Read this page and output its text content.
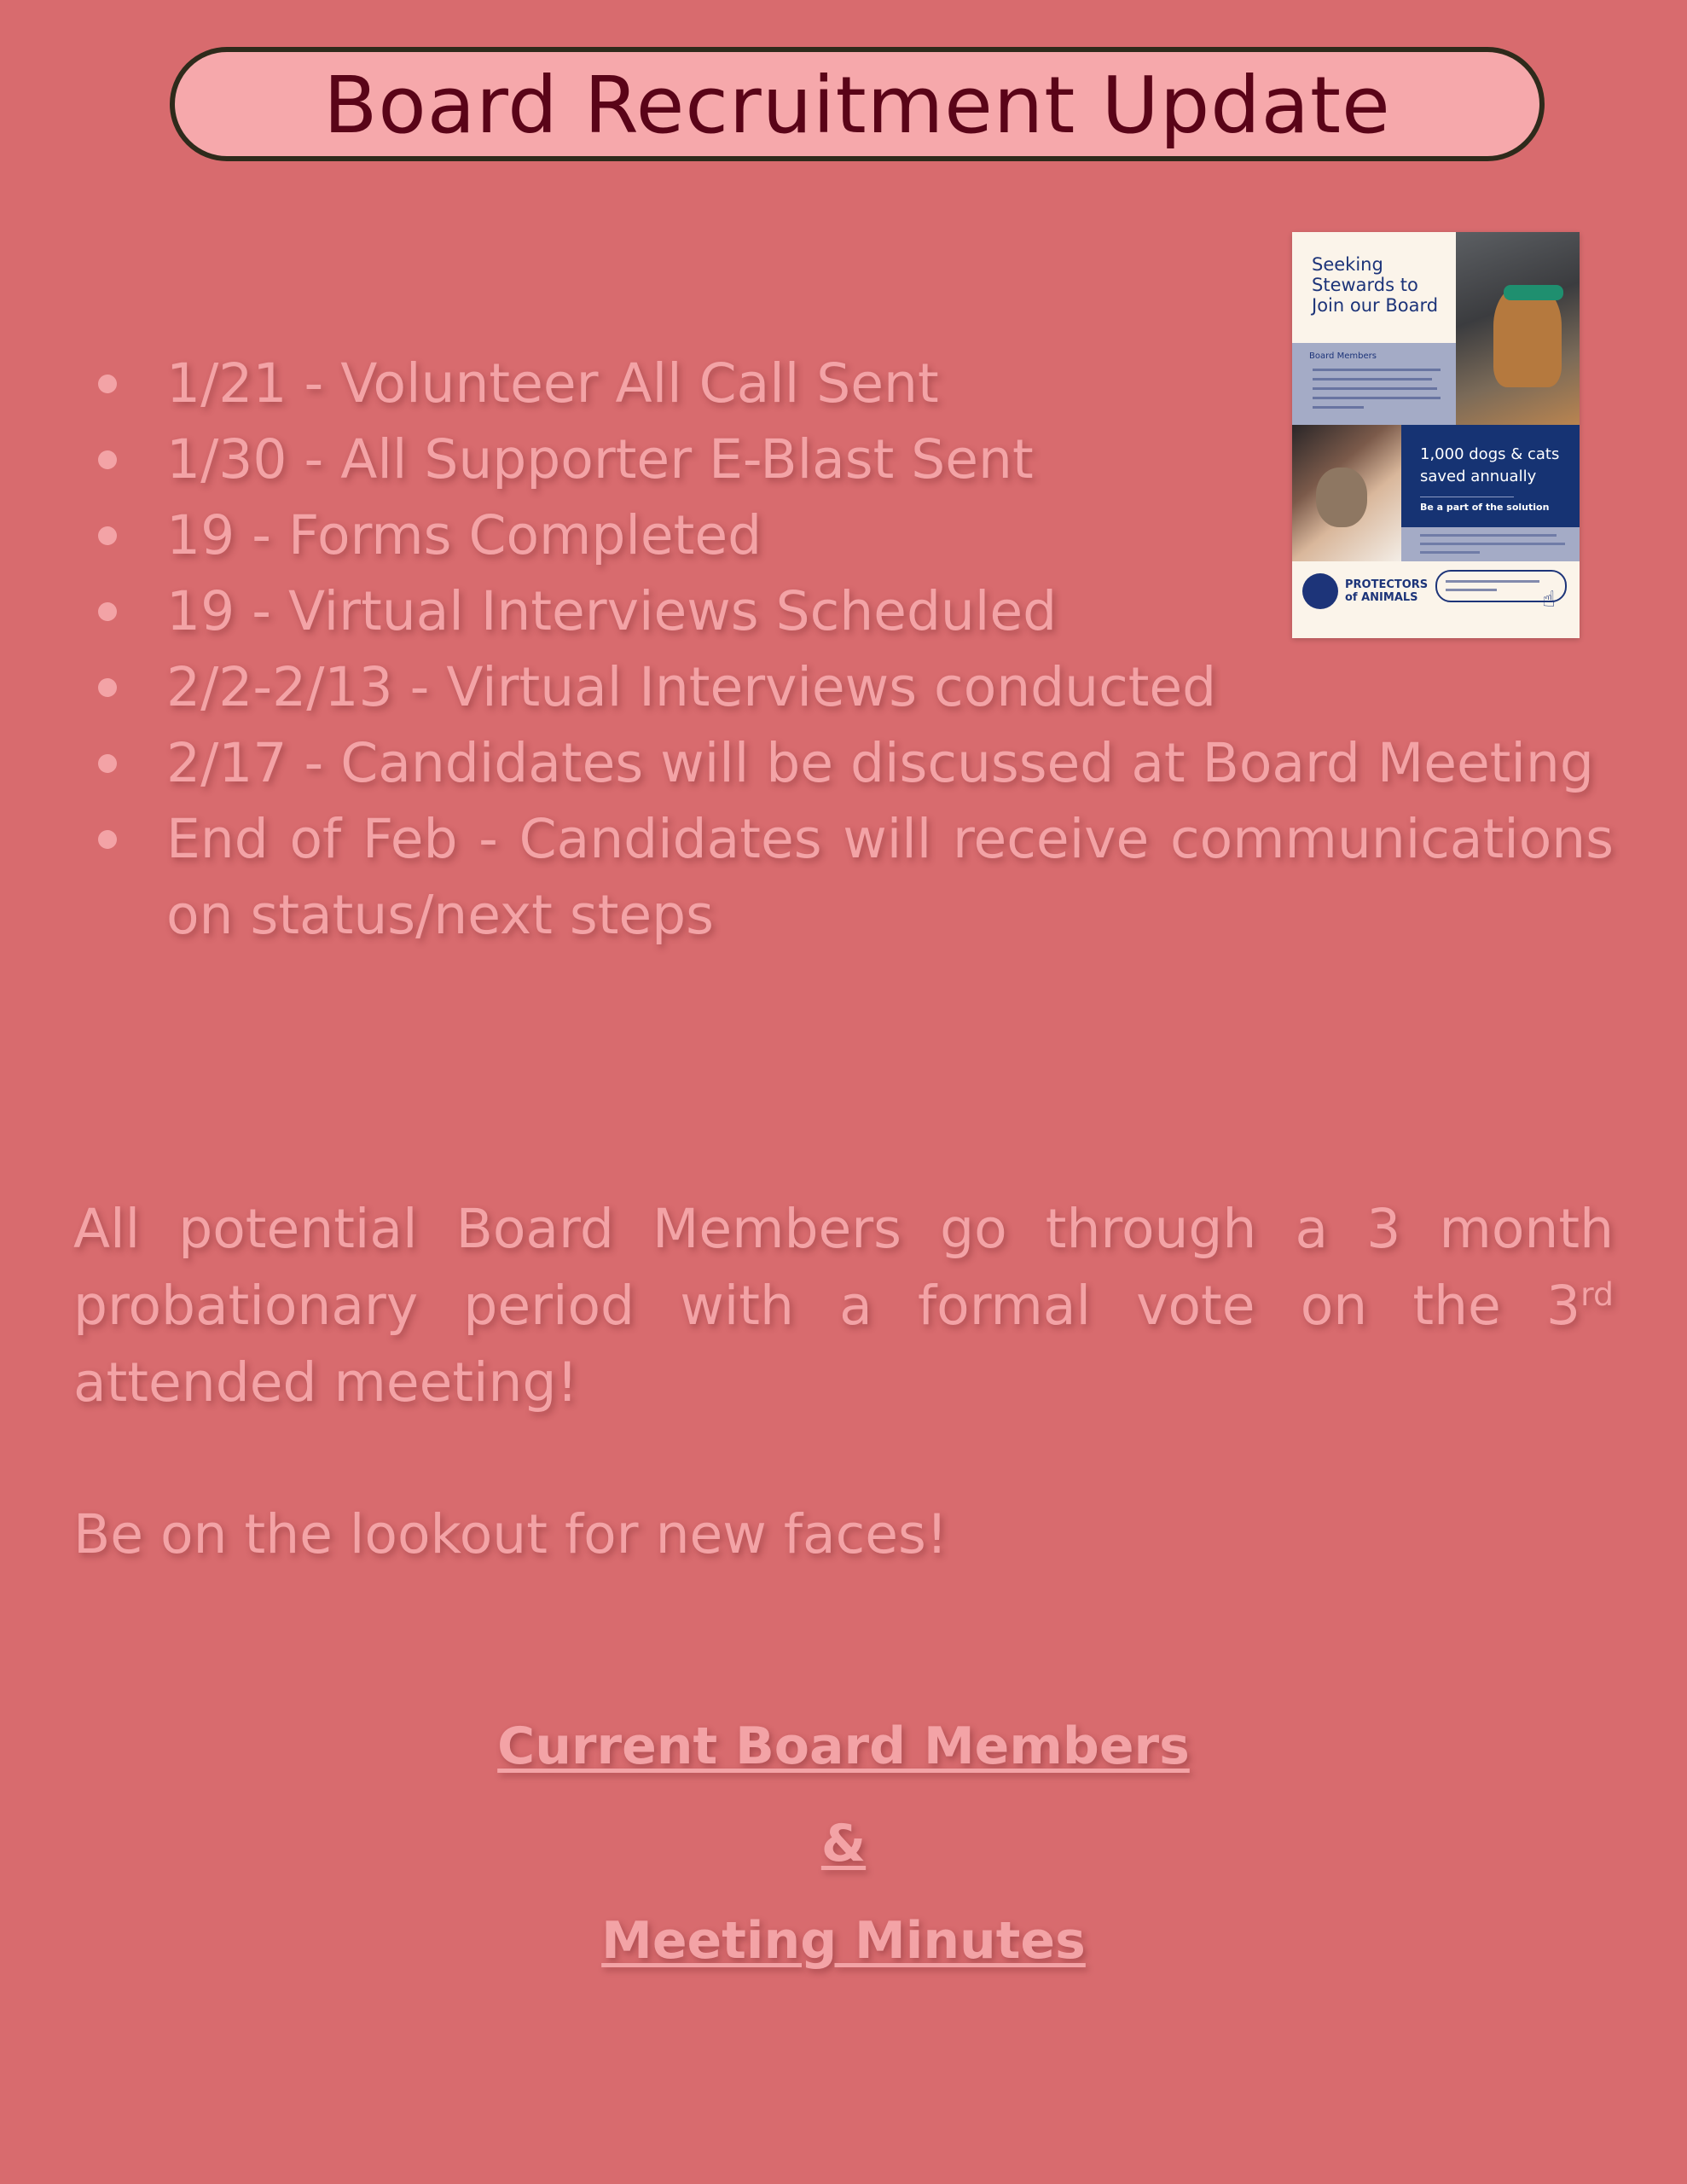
Board Recruitment Update
1/21 - Volunteer All Call Sent
1/30 - All Supporter E-Blast Sent
19 - Forms Completed
19 - Virtual Interviews Scheduled
2/2-2/13 - Virtual Interviews conducted
2/17 - Candidates will be discussed at Board Meeting
End of Feb - Candidates will receive communications on status/next steps
Seeking Stewards to Join our Board
Board Members
1,000 dogs & cats saved annually
Be a part of the solution
PROTECTORS of ANIMALS	☝

All potential Board Members go through a 3 month probationary period with a formal vote on the 3rd attended meeting!

Be on the lookout for new faces!

Current Board Members
&
Meeting Minutes
